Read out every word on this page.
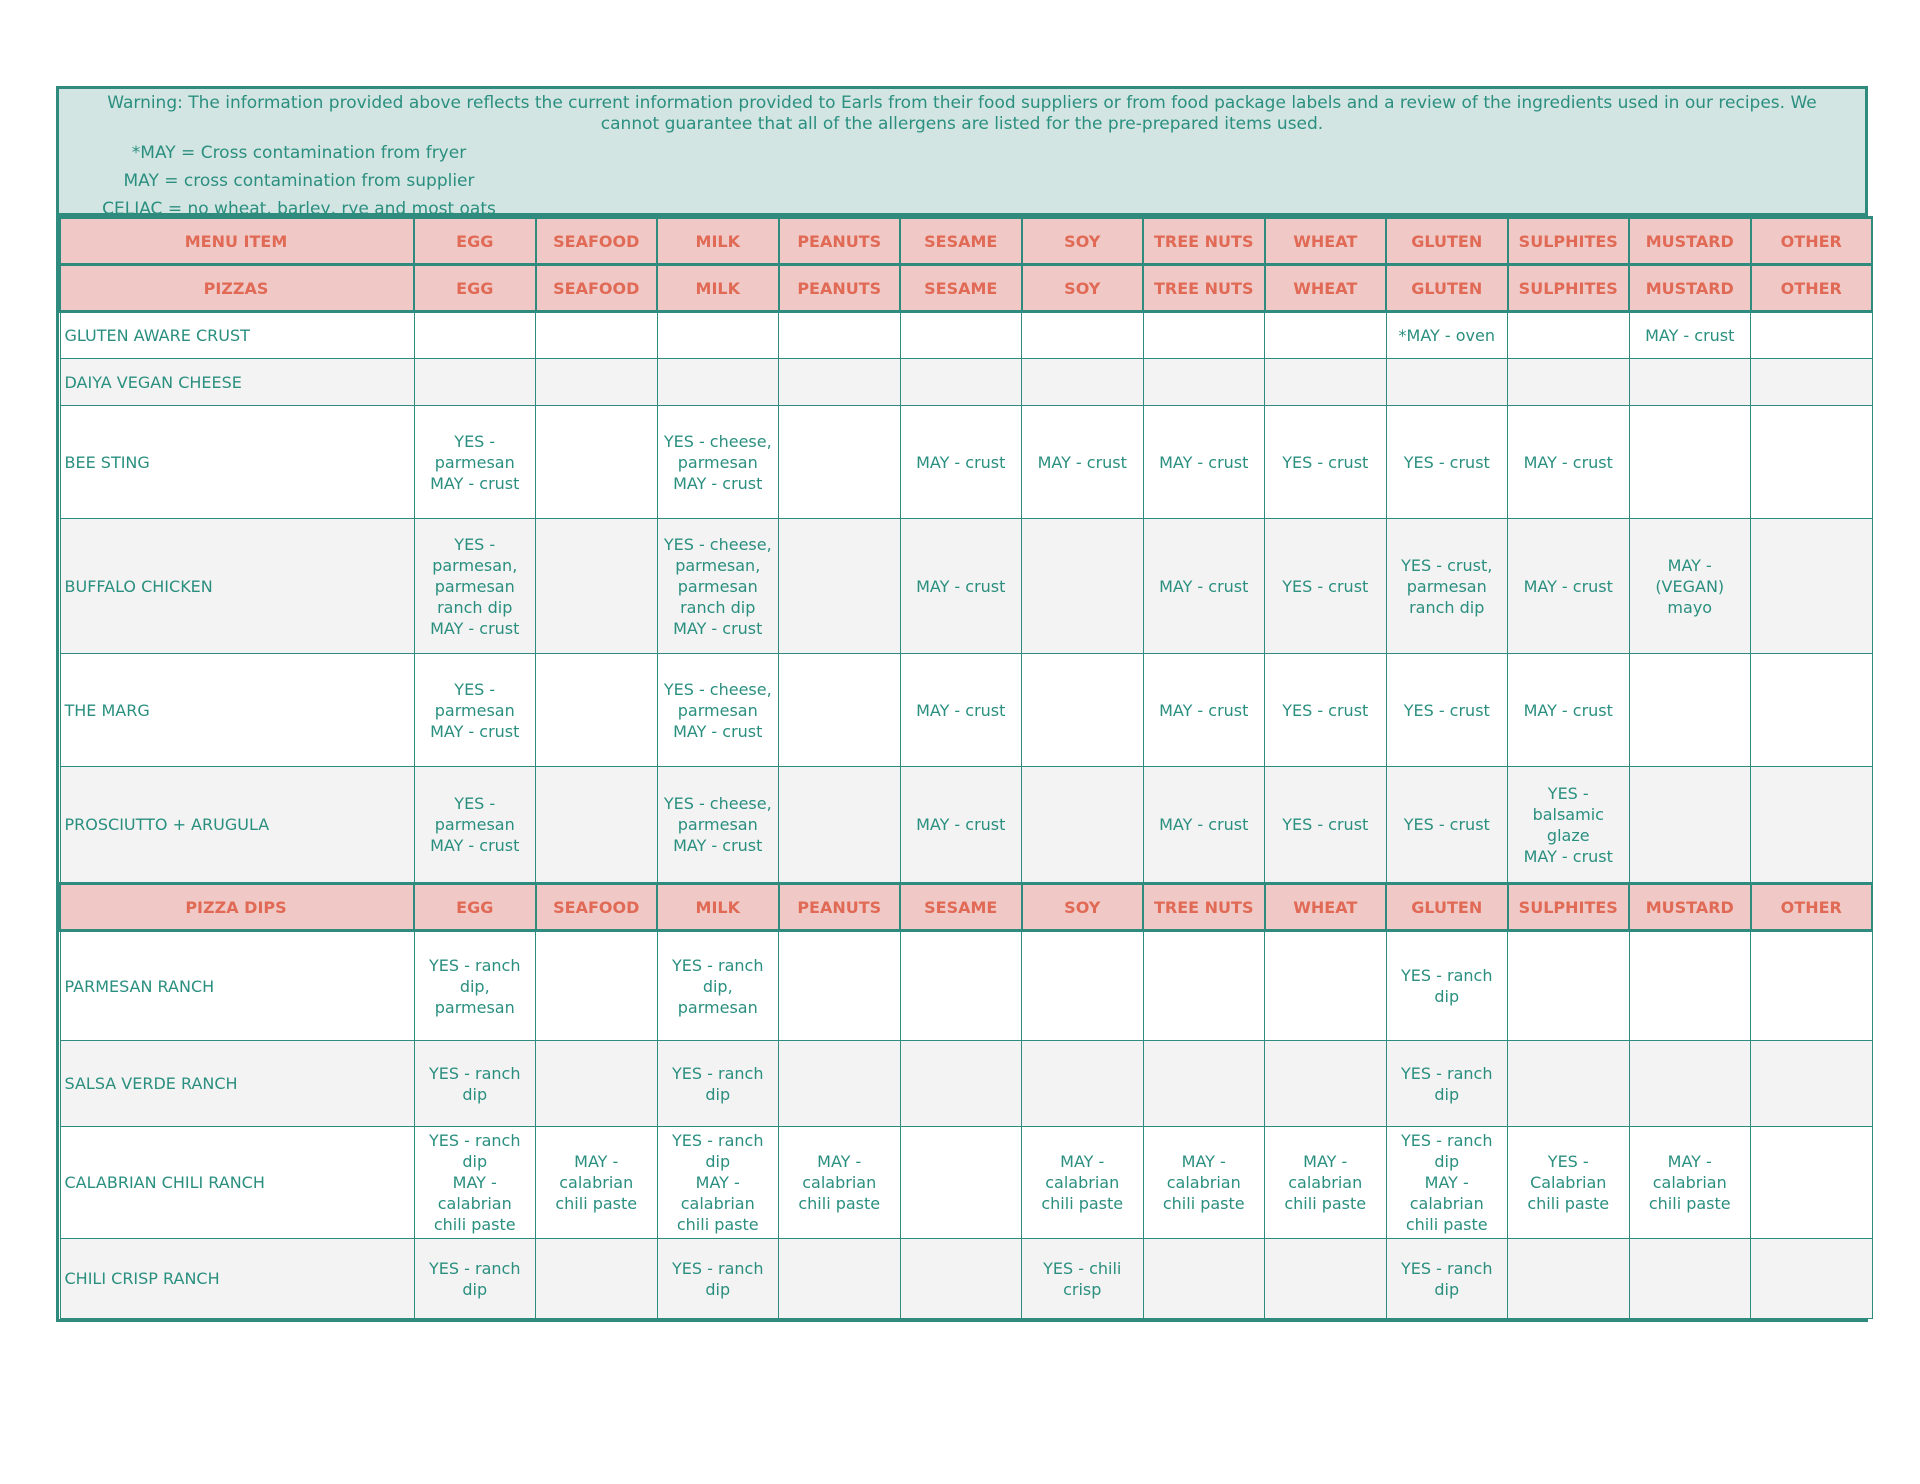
Warning: The information provided above reflects the current information provided to Earls from their food suppliers or from food package labels and a review of the ingredients used in our recipes. We cannot guarantee that all of the allergens are listed for the pre-prepared items used.

*MAY = Cross contamination from fryer

MAY = cross contamination from supplier

CELIAC = no wheat, barley, rye and most oats

MENU ITEM	EGG	SEAFOOD	MILK	PEANUTS	SESAME	SOY	TREE NUTS	WHEAT	GLUTEN	SULPHITES	MUSTARD	OTHER
PIZZAS	EGG	SEAFOOD	MILK	PEANUTS	SESAME	SOY	TREE NUTS	WHEAT	GLUTEN	SULPHITES	MUSTARD	OTHER
GLUTEN AWARE CRUST									*MAY - oven		MAY - crust	
DAIYA VEGAN CHEESE												
BEE STING	YES -
parmesan
MAY - crust		YES - cheese,
parmesan
MAY - crust		MAY - crust	MAY - crust	MAY - crust	YES - crust	YES - crust	MAY - crust		
BUFFALO CHICKEN	YES -
parmesan,
parmesan
ranch dip
MAY - crust		YES - cheese,
parmesan,
parmesan
ranch dip
MAY - crust		MAY - crust		MAY - crust	YES - crust	YES - crust,
parmesan
ranch dip	MAY - crust	MAY -
(VEGAN)
mayo	
THE MARG	YES -
parmesan
MAY - crust		YES - cheese,
parmesan
MAY - crust		MAY - crust		MAY - crust	YES - crust	YES - crust	MAY - crust		
PROSCIUTTO + ARUGULA	YES -
parmesan
MAY - crust		YES - cheese,
parmesan
MAY - crust		MAY - crust		MAY - crust	YES - crust	YES - crust	YES -
balsamic
glaze
MAY - crust		
PIZZA DIPS	EGG	SEAFOOD	MILK	PEANUTS	SESAME	SOY	TREE NUTS	WHEAT	GLUTEN	SULPHITES	MUSTARD	OTHER
PARMESAN RANCH	YES - ranch
dip,
parmesan		YES - ranch
dip,
parmesan						YES - ranch
dip			
SALSA VERDE RANCH	YES - ranch
dip		YES - ranch
dip						YES - ranch
dip			
CALABRIAN CHILI RANCH	YES - ranch
dip
MAY -
calabrian
chili paste	MAY -
calabrian
chili paste	YES - ranch
dip
MAY -
calabrian
chili paste	MAY -
calabrian
chili paste		MAY -
calabrian
chili paste	MAY -
calabrian
chili paste	MAY -
calabrian
chili paste	YES - ranch
dip
MAY -
calabrian
chili paste	YES -
Calabrian
chili paste	MAY -
calabrian
chili paste	
CHILI CRISP RANCH	YES - ranch
dip		YES - ranch
dip			YES - chili
crisp			YES - ranch
dip			
